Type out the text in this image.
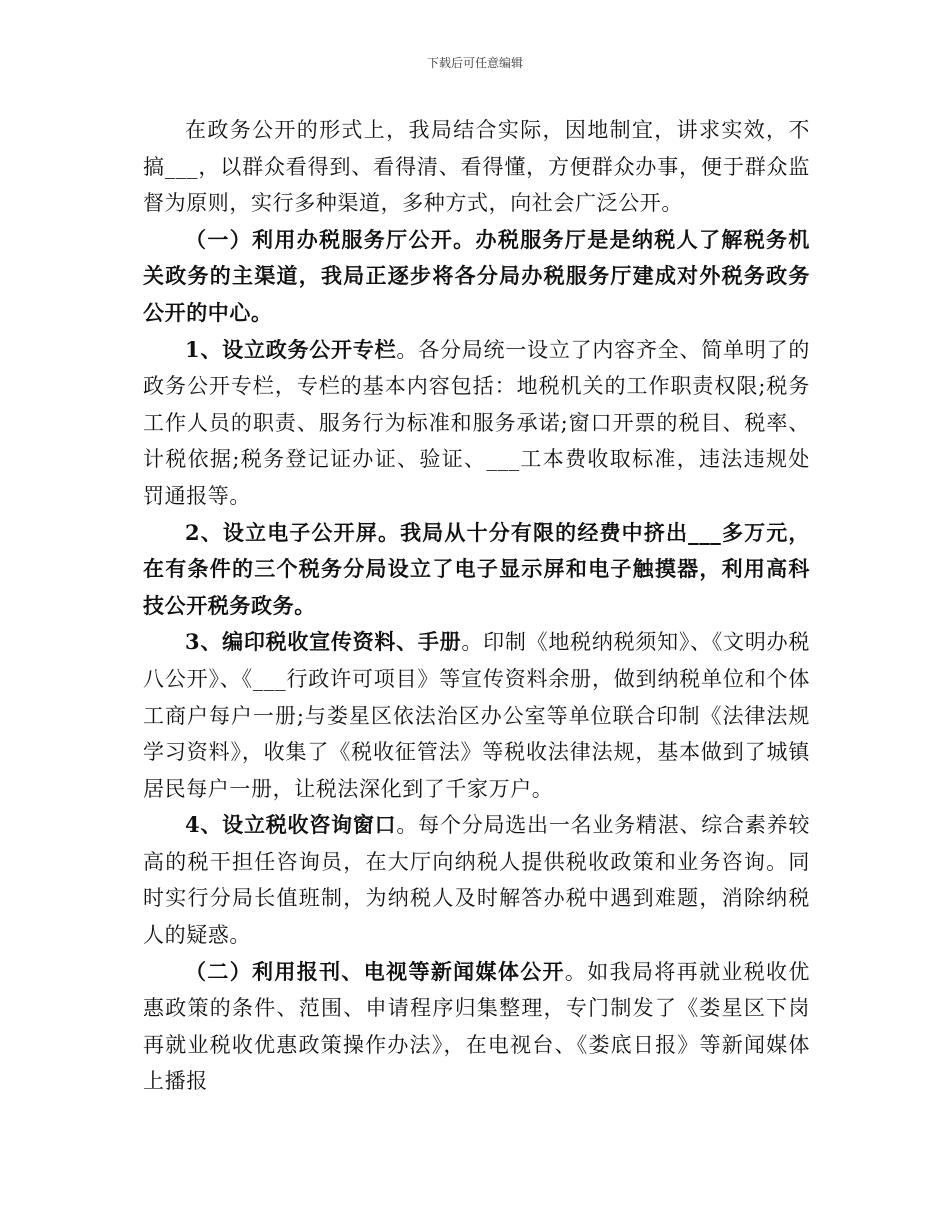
下载后可任意编辑

在政务公开的形式上，我局结合实际，因地制宜，讲求实效，不搞___，以群众看得到、看得清、看得懂，方便群众办事，便于群众监督为原则，实行多种渠道，多种方式，向社会广泛公开。

（一）利用办税服务厅公开。办税服务厅是是纳税人了解税务机关政务的主渠道，我局正逐步将各分局办税服务厅建成对外税务政务公开的中心。

1、设立政务公开专栏。各分局统一设立了内容齐全、简单明了的政务公开专栏，专栏的基本内容包括：地税机关的工作职责权限;税务工作人员的职责、服务行为标准和服务承诺;窗口开票的税目、税率、计税依据;税务登记证办证、验证、___工本费收取标准，违法违规处罚通报等。

2、设立电子公开屏。我局从十分有限的经费中挤出___多万元，在有条件的三个税务分局设立了电子显示屏和电子触摸器，利用高科技公开税务政务。

3、编印税收宣传资料、手册。印制《地税纳税须知》、《文明办税八公开》、《___行政许可项目》等宣传资料余册，做到纳税单位和个体工商户每户一册;与娄星区依法治区办公室等单位联合印制《法律法规学习资料》，收集了《税收征管法》等税收法律法规，基本做到了城镇居民每户一册，让税法深化到了千家万户。

4、设立税收咨询窗口。每个分局选出一名业务精湛、综合素养较高的税干担任咨询员，在大厅向纳税人提供税收政策和业务咨询。同时实行分局长值班制，为纳税人及时解答办税中遇到难题，消除纳税人的疑惑。

（二）利用报刊、电视等新闻媒体公开。如我局将再就业税收优惠政策的条件、范围、申请程序归集整理，专门制发了《娄星区下岗再就业税收优惠政策操作办法》，在电视台、《娄底日报》等新闻媒体上播报
